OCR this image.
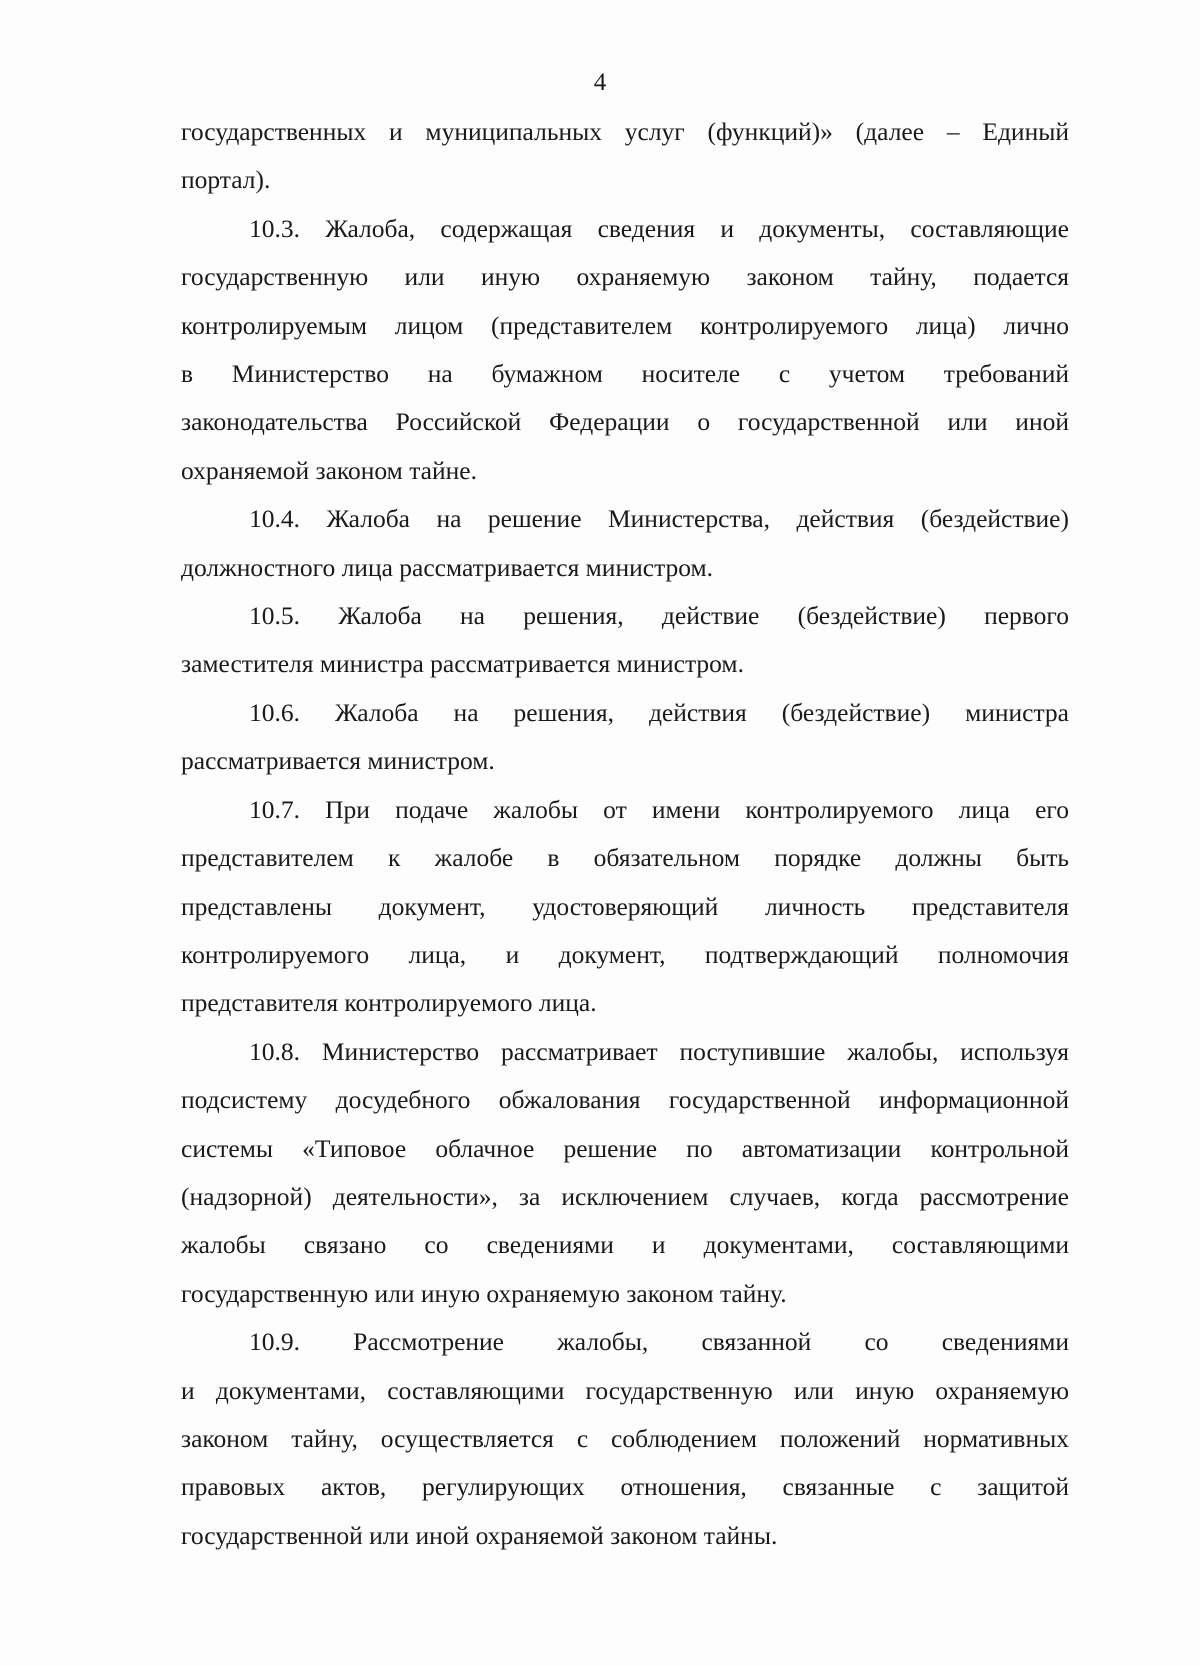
4
государственных и муниципальных услуг (функций)» (далее – Единый
портал).
10.3. Жалоба, содержащая сведения и документы, составляющие
государственную или иную охраняемую законом тайну, подается
контролируемым лицом (представителем контролируемого лица) лично
в Министерство на бумажном носителе с учетом требований
законодательства Российской Федерации о государственной или иной
охраняемой законом тайне.
10.4. Жалоба на решение Министерства, действия (бездействие)
должностного лица рассматривается министром.
10.5. Жалоба на решения, действие (бездействие) первого
заместителя министра рассматривается министром.
10.6. Жалоба на решения, действия (бездействие) министра
рассматривается министром.
10.7. При подаче жалобы от имени контролируемого лица его
представителем к жалобе в обязательном порядке должны быть
представлены документ, удостоверяющий личность представителя
контролируемого лица, и документ, подтверждающий полномочия
представителя контролируемого лица.
10.8. Министерство рассматривает поступившие жалобы, используя
подсистему досудебного обжалования государственной информационной
системы «Типовое облачное решение по автоматизации контрольной
(надзорной) деятельности», за исключением случаев, когда рассмотрение
жалобы связано со сведениями и документами, составляющими
государственную или иную охраняемую законом тайну.
10.9. Рассмотрение жалобы, связанной со сведениями
и документами, составляющими государственную или иную охраняемую
законом тайну, осуществляется с соблюдением положений нормативных
правовых актов, регулирующих отношения, связанные с защитой
государственной или иной охраняемой законом тайны.
